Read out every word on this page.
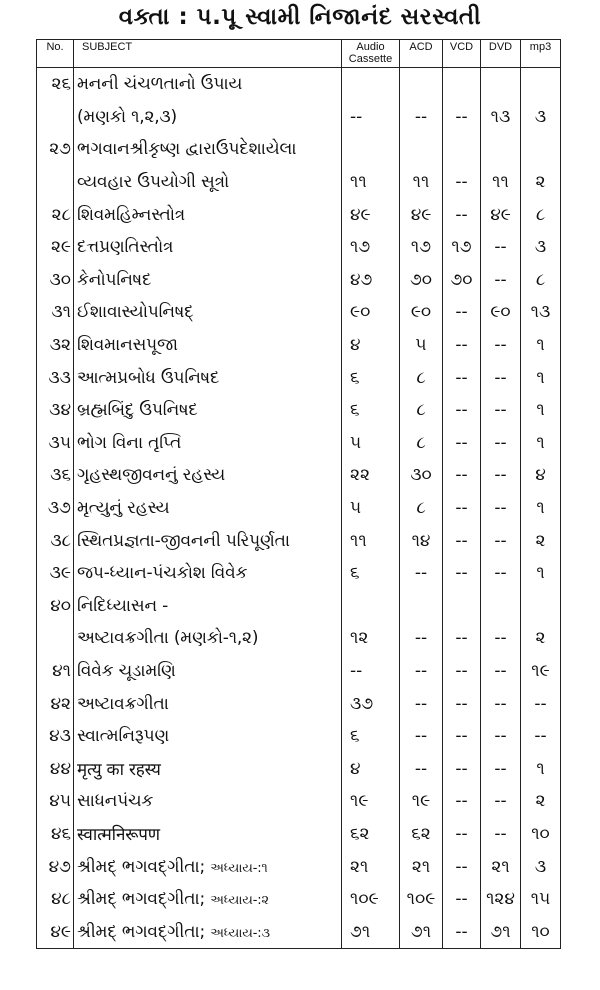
વક્તા : પ.પૂ સ્વામી નિજાનંદ સરસ્વતી
No.	SUBJECT	Audio
Cassette	ACD	VCD	DVD	mp3
૨૬	મનની ચંચળતાનો ઉપાય					
	(મણકો ૧,૨,૩)	--	--	--	૧૩	૩
૨૭	ભગવાનશ્રીકૃષ્ણ દ્વારાઉપદેશાયેલા					
	વ્યવહાર ઉપયોગી સૂત્રો	૧૧	૧૧	--	૧૧	૨
૨૮	શિવમહિમ્નસ્તોત્ર	૪૯	૪૯	--	૪૯	૮
૨૯	દત્તપ્રણતિસ્તોત્ર	૧૭	૧૭	૧૭	--	૩
૩૦	કેનોપનિષદ	૪૭	૭૦	૭૦	--	૮
૩૧	ઈશાવાસ્યોપનિષદ્	૯૦	૯૦	--	૯૦	૧૩
૩૨	શિવમાનસપૂજા	૪	૫	--	--	૧
૩૩	આત્મપ્રબોધ ઉપનિષદ	૬	૮	--	--	૧
૩૪	બ્રહ્મબિંદુ ઉપનિષદ	૬	૮	--	--	૧
૩૫	ભોગ વિના તૃપ્તિ	૫	૮	--	--	૧
૩૬	ગૃહસ્થજીવનનું રહસ્ય	૨૨	૩૦	--	--	૪
૩૭	મૃત્યુનું રહસ્ય	૫	૮	--	--	૧
૩૮	સ્થિતપ્રજ્ઞતા-જીવનની પરિપૂર્ણતા	૧૧	૧૪	--	--	૨
૩૯	જપ-ધ્યાન-પંચકોશ વિવેક	૬	--	--	--	૧
૪૦	નિદિધ્યાસન -					
	અષ્ટાવક્રગીતા (મણકો-૧,૨)	૧૨	--	--	--	૨
૪૧	વિવેક ચૂડામણિ	--	--	--	--	૧૯
૪૨	અષ્ટાવક્રગીતા	૩૭	--	--	--	--
૪૩	સ્વાત્મનિરૂપણ	૬	--	--	--	--
૪૪	मृत्यु का रहस्य	૪	--	--	--	૧
૪૫	સાધનપંચક	૧૯	૧૯	--	--	૨
૪૬	स्वात्मनिरूपण	૬૨	૬૨	--	--	૧૦
૪૭	શ્રીમદ્ ભગવદ્ગીતા; અધ્યાય-:૧	૨૧	૨૧	--	૨૧	૩
૪૮	શ્રીમદ્ ભગવદ્ગીતા; અધ્યાય-:૨	૧૦૯	૧૦૯	--	૧૨૪	૧૫
૪૯	શ્રીમદ્ ભગવદ્ગીતા; અધ્યાય-:૩	૭૧	૭૧	--	૭૧	૧૦
